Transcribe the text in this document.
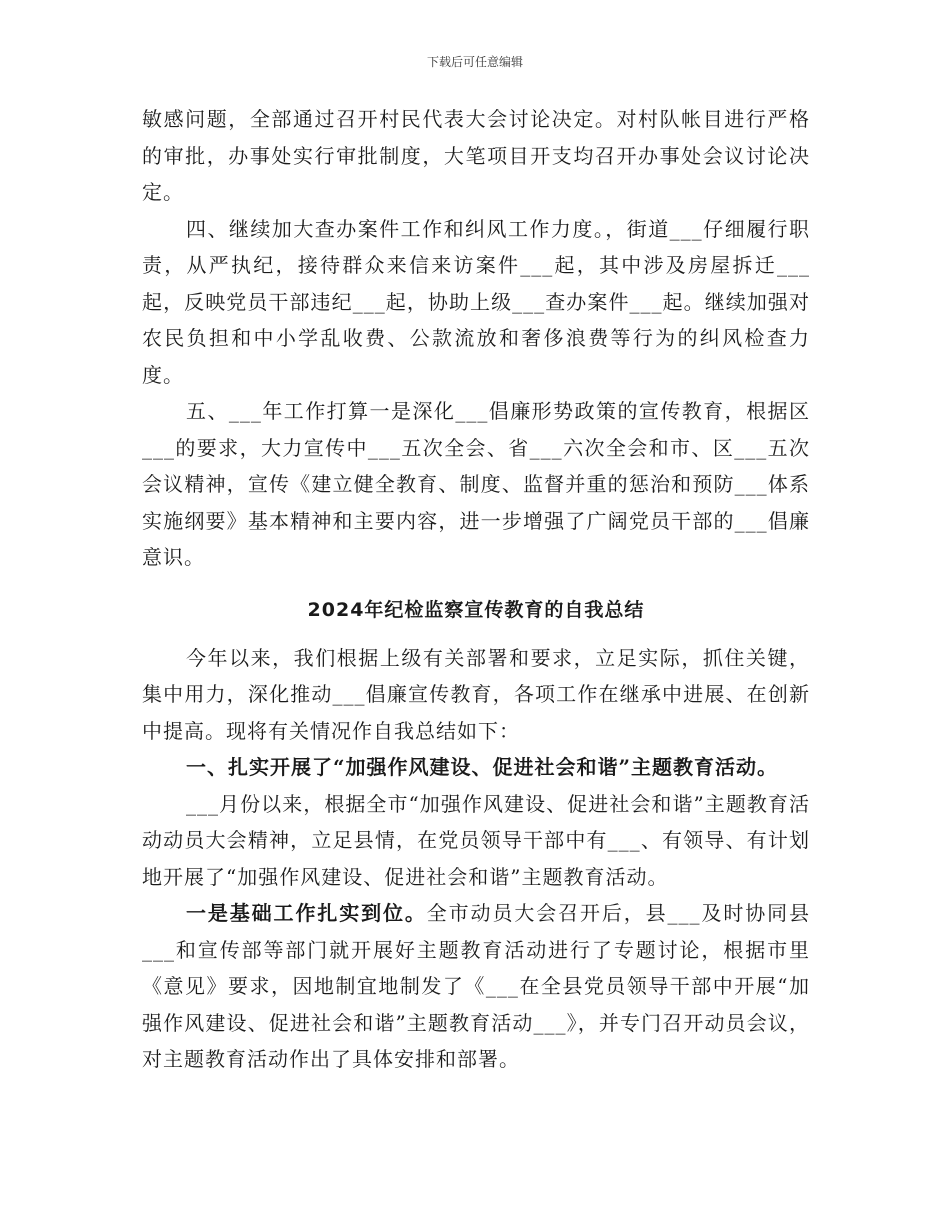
下载后可任意编辑

敏感问题，全部通过召开村民代表大会讨论决定。对村队帐目进行严格的审批，办事处实行审批制度，大笔项目开支均召开办事处会议讨论决定。

四、继续加大查办案件工作和纠风工作力度。，街道___仔细履行职责，从严执纪，接待群众来信来访案件___起，其中涉及房屋拆迁___起，反映党员干部违纪___起，协助上级___查办案件___起。继续加强对农民负担和中小学乱收费、公款流放和奢侈浪费等行为的纠风检查力度。

五、___年工作打算一是深化___倡廉形势政策的宣传教育，根据区___的要求，大力宣传中___五次全会、省___六次全会和市、区___五次会议精神，宣传《建立健全教育、制度、监督并重的惩治和预防___体系实施纲要》基本精神和主要内容，进一步增强了广阔党员干部的___倡廉意识。

2024年纪检监察宣传教育的自我总结

今年以来，我们根据上级有关部署和要求，立足实际，抓住关键，集中用力，深化推动___倡廉宣传教育，各项工作在继承中进展、在创新中提高。现将有关情况作自我总结如下：

一、扎实开展了“加强作风建设、促进社会和谐”主题教育活动。

___月份以来，根据全市“加强作风建设、促进社会和谐”主题教育活动动员大会精神，立足县情，在党员领导干部中有___、有领导、有计划地开展了“加强作风建设、促进社会和谐”主题教育活动。

一是基础工作扎实到位。全市动员大会召开后，县___及时协同县___和宣传部等部门就开展好主题教育活动进行了专题讨论，根据市里《意见》要求，因地制宜地制发了《___在全县党员领导干部中开展“加强作风建设、促进社会和谐”主题教育活动___》，并专门召开动员会议，对主题教育活动作出了具体安排和部署。
